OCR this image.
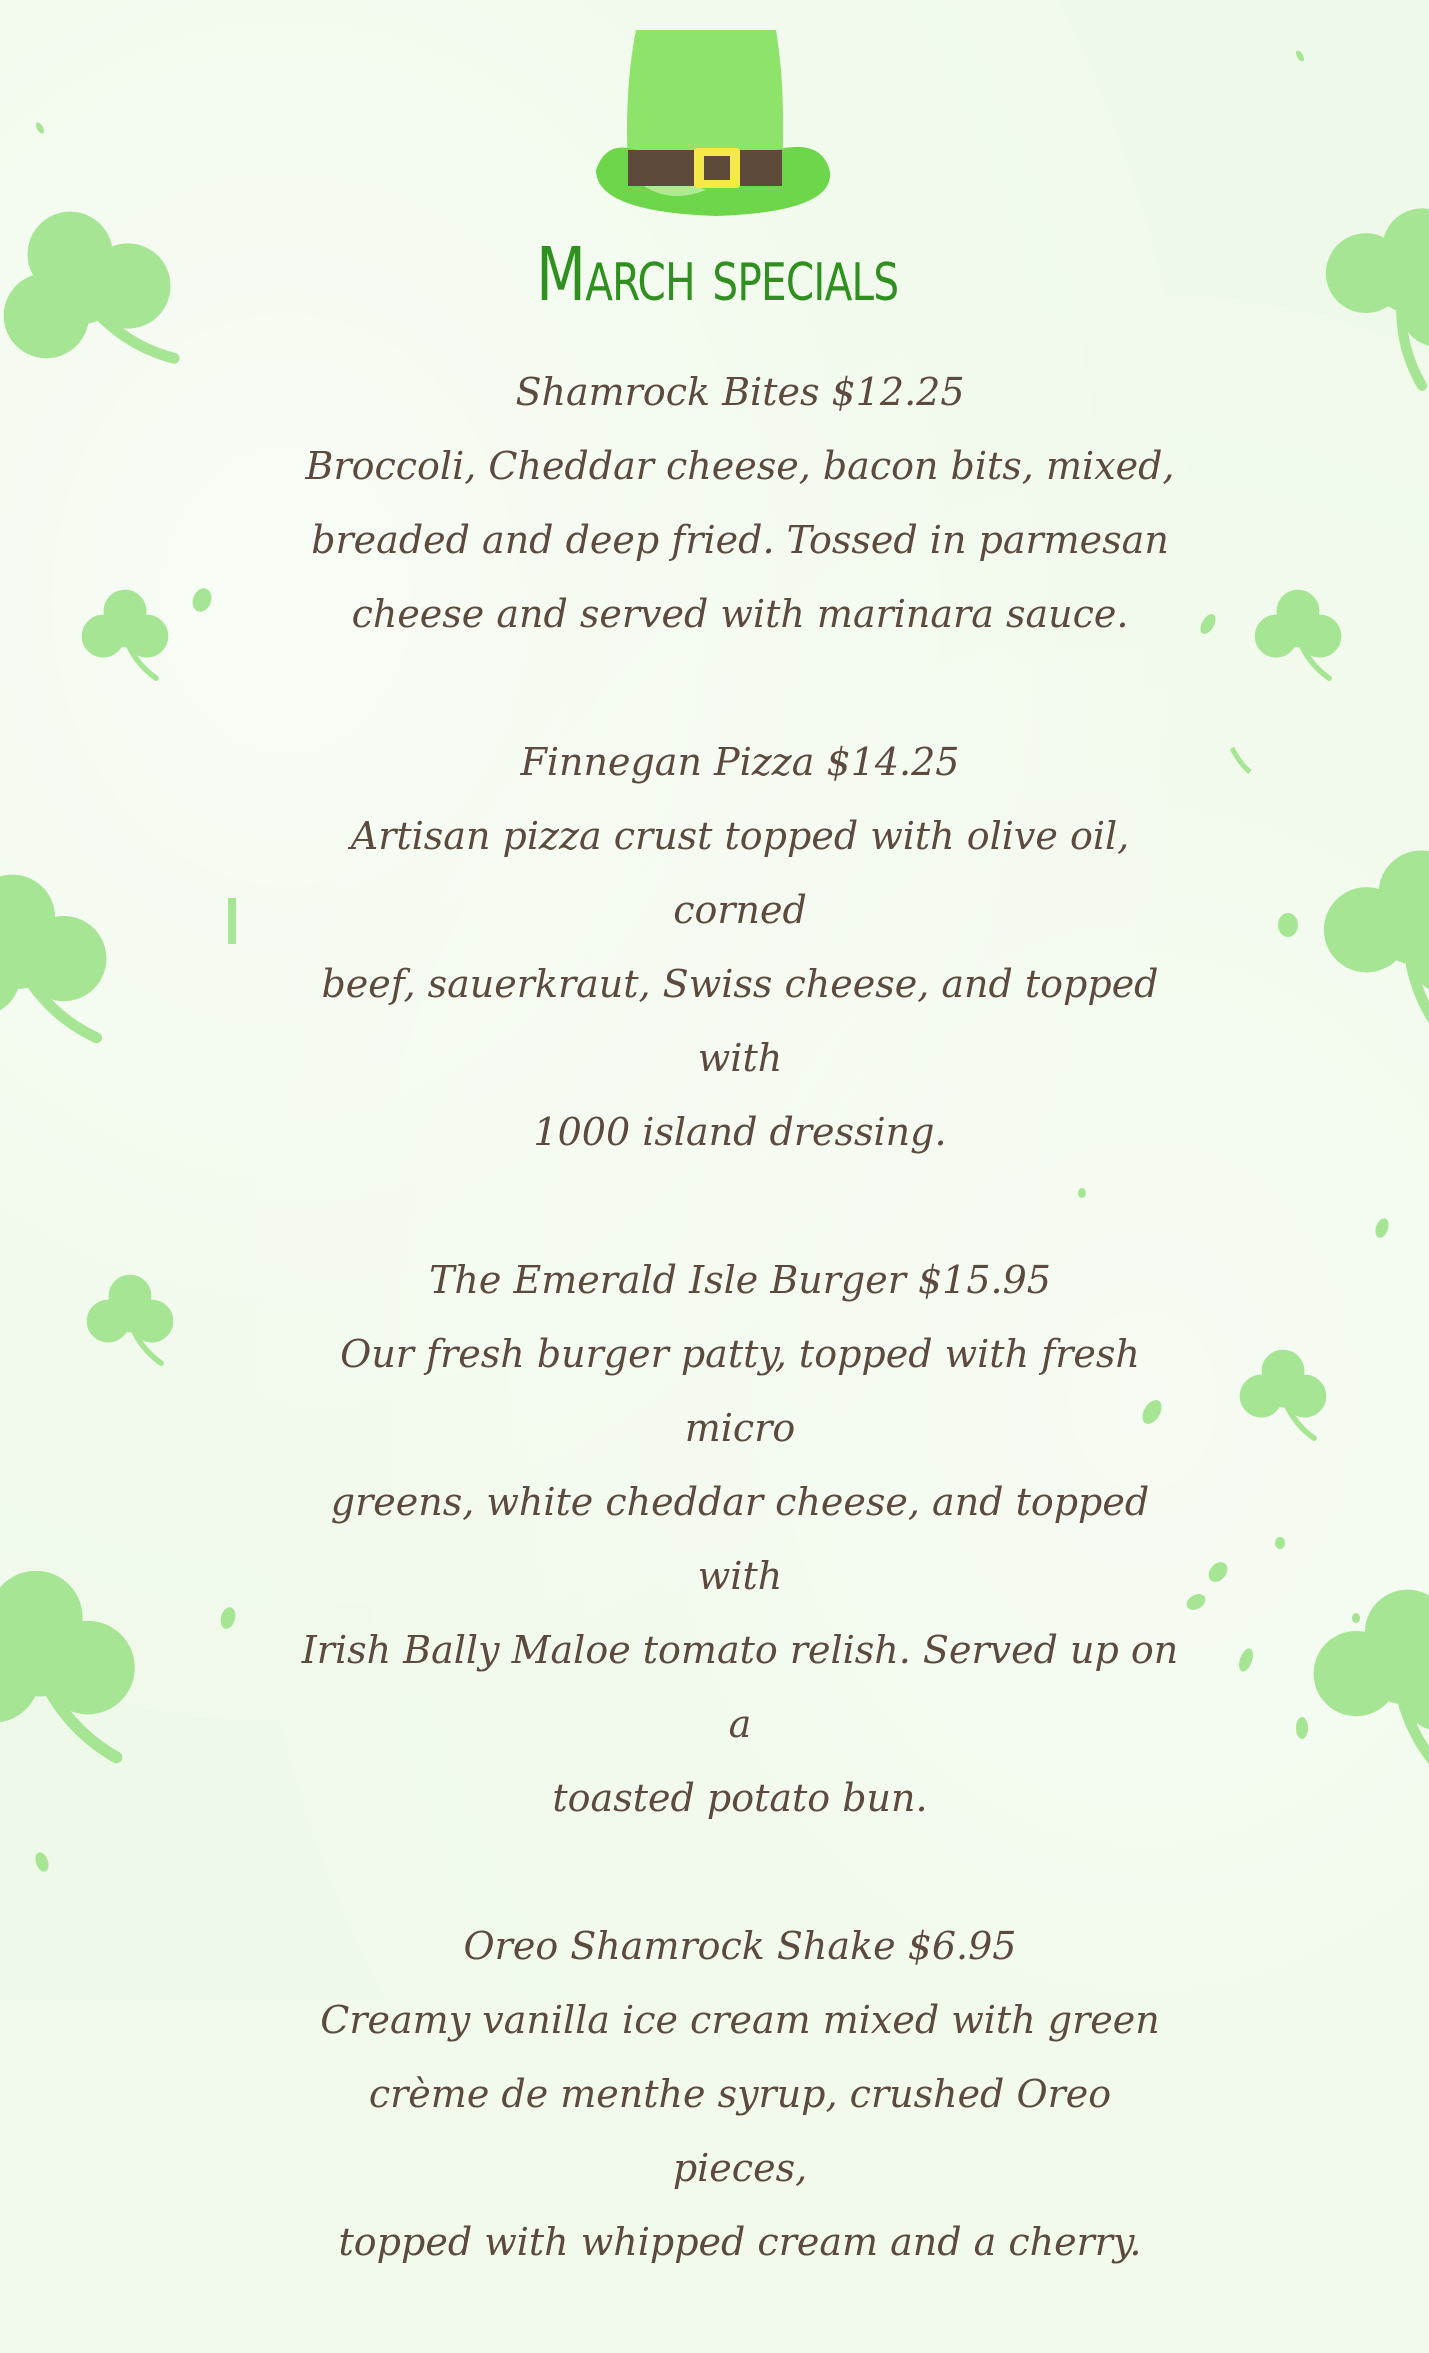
March specials
Shamrock Bites $12.25
Broccoli, Cheddar cheese, bacon bits, mixed,
breaded and deep fried. Tossed in parmesan
cheese and served with marinara sauce.
Finnegan Pizza $14.25
Artisan pizza crust topped with olive oil, corned
beef, sauerkraut, Swiss cheese, and topped with
1000 island dressing.
The Emerald Isle Burger $15.95
Our fresh burger patty, topped with fresh micro
greens, white cheddar cheese, and topped with
Irish Bally Maloe tomato relish. Served up on a
toasted potato bun.
Oreo Shamrock Shake $6.95
Creamy vanilla ice cream mixed with green
crème de menthe syrup, crushed Oreo pieces,
topped with whipped cream and a cherry.
